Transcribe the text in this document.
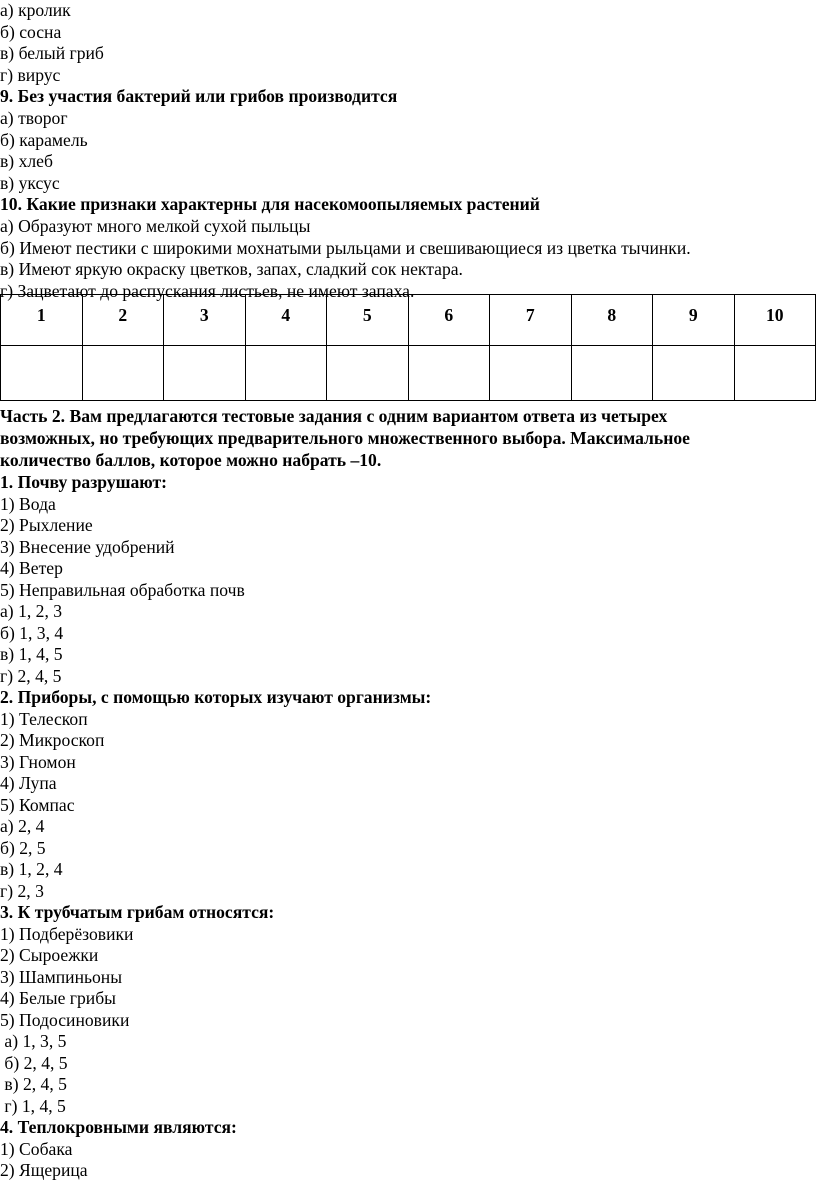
а) кролик
б) сосна
в) белый гриб
г) вирус
9. Без участия бактерий или грибов производится
а) творог
б) карамель
в) хлеб
в) уксус
10. Какие признаки характерны для насекомоопыляемых растений
а) Образуют много мелкой сухой пыльцы
б) Имеют пестики с широкими мохнатыми рыльцами и свешивающиеся из цветка тычинки.
в) Имеют яркую окраску цветков, запах, сладкий сок нектара.
г) Зацветают до распускания листьев, не имеют запаха.
1	2	3	4	5	6	7	8	9	10

Часть 2. Вам предлагаются тестовые задания с одним вариантом ответа из четырех
возможных, но требующих предварительного множественного выбора. Максимальное
количество баллов, которое можно набрать –10.
1. Почву разрушают:
1) Вода
2) Рыхление
3) Внесение удобрений
4) Ветер
5) Неправильная обработка почв
а) 1, 2, 3
б) 1, 3, 4
в) 1, 4, 5
г) 2, 4, 5
2. Приборы, с помощью которых изучают организмы:
1) Телескоп
2) Микроскоп
3) Гномон
4) Лупа
5) Компас
а) 2, 4
б) 2, 5
в) 1, 2, 4
г) 2, 3
3. К трубчатым грибам относятся:
1) Подберёзовики
2) Сыроежки
3) Шампиньоны
4) Белые грибы
5) Подосиновики
а) 1, 3, 5
б) 2, 4, 5
в) 2, 4, 5
г) 1, 4, 5
4. Теплокровными являются:
1) Собака
2) Ящерица
